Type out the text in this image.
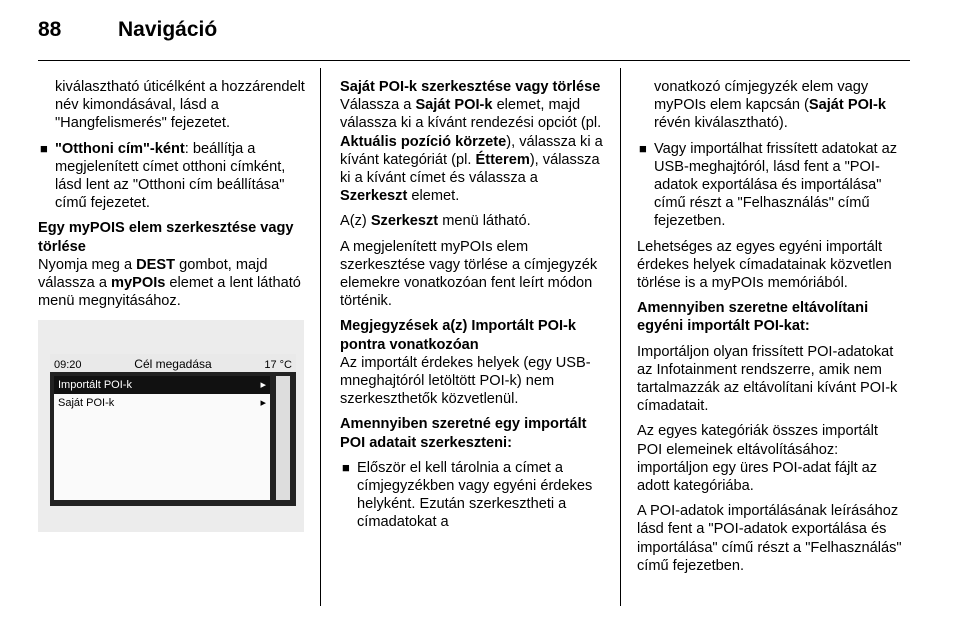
88	Navigáció

kiválasztható úticélként a hozzárendelt név kimondásával, lásd a "Hangfelismerés" fejezetet.

■ "Otthoni cím"-ként: beállítja a megjelenített címet otthoni címként, lásd lent az "Otthoni cím beállítása" című fejezetet.
Egy myPOIS elem szerkesztése vagy törlése

Nyomja meg a DEST gombot, majd válassza a myPOIs elemet a lent látható menü megnyitásához.

09:20	Cél megadása	17 °C
Importált POI-k	▸
Saját POI-k	▸
Saját POI-k szerkesztése vagy törlése

Válassza a Saját POI-k elemet, majd válassza ki a kívánt rendezési opciót (pl. Aktuális pozíció körzete), válassza ki a kívánt kategóriát (pl. Étterem), válassza ki a kívánt címet és válassza a Szerkeszt elemet.

A(z) Szerkeszt menü látható.

A megjelenített myPOIs elem szerkesztése vagy törlése a címjegyzék elemekre vonatkozóan fent leírt módon történik.

Megjegyzések a(z) Importált POI-k pontra vonatkozóan

Az importált érdekes helyek (egy USB-mneghajtóról letöltött POI-k) nem szerkeszthetők közvetlenül.

Amennyiben szeretné egy importált POI adatait szerkeszteni:
■ Először el kell tárolnia a címet a címjegyzékben vagy egyéni érdekes helyként. Ezután szerkesztheti a címadatokat a

vonatkozó címjegyzék elem vagy myPOIs elem kapcsán (Saját POI-k révén kiválasztható).

■ Vagy importálhat frissített adatokat az USB-meghajtóról, lásd fent a "POI-adatok exportálása és importálása" című részt a "Felhasználás" című fejezetben.

Lehetséges az egyes egyéni importált érdekes helyek címadatainak közvetlen törlése is a myPOIs memóriából.

Amennyiben szeretne eltávolítani egyéni importált POI-kat:

Importáljon olyan frissített POI-adatokat az Infotainment rendszerre, amik nem tartalmazzák az eltávolítani kívánt POI-k címadatait.

Az egyes kategóriák összes importált POI elemeinek eltávolításához: importáljon egy üres POI-adat fájlt az adott kategóriába.

A POI-adatok importálásának leírásához lásd fent a "POI-adatok exportálása és importálása" című részt a "Felhasználás" című fejezetben.
